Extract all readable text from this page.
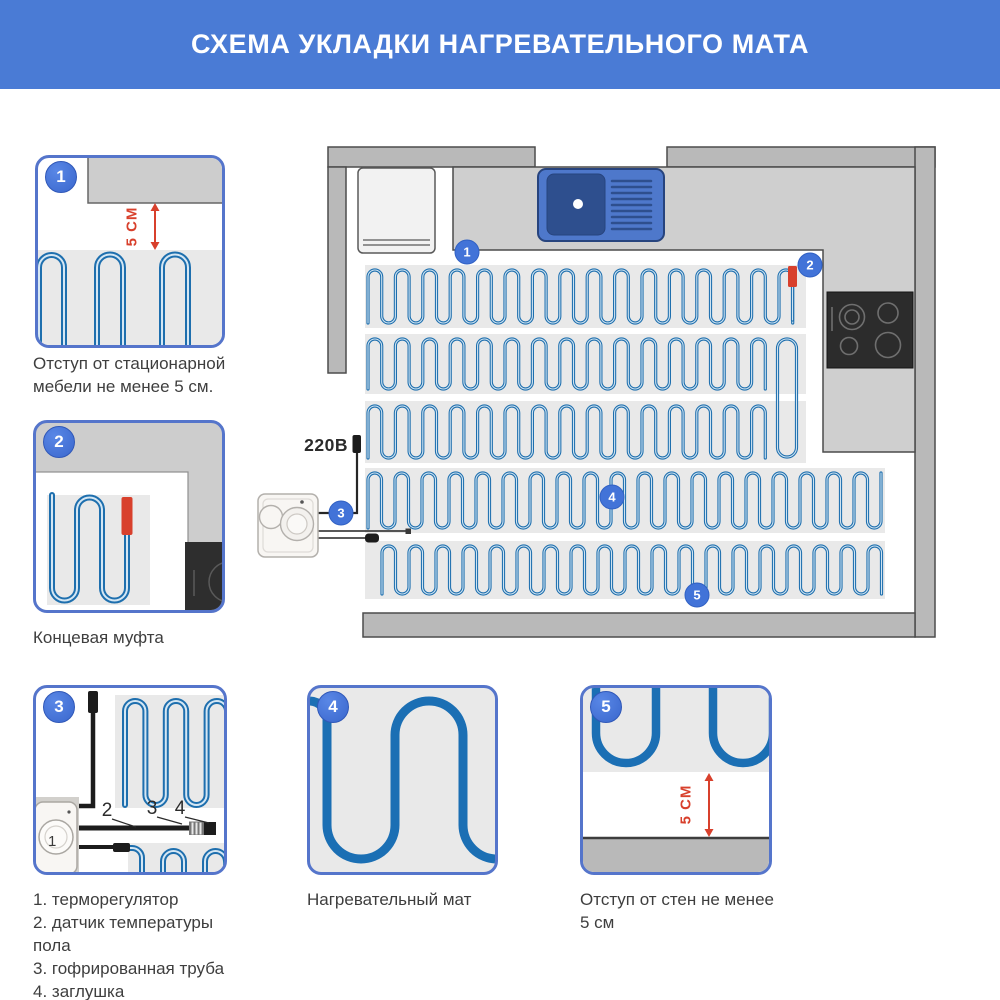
СХЕМА УКЛАДКИ НАГРЕВАТЕЛЬНОГО МАТА
220В
1
2
3
4
5
1
5 СМ
Отступ от стационарной мебели не менее 5 см.
2
Концевая муфта
1
2 3 4
3
1. терморегулятор
2. датчик температуры пола
3. гофрированная труба
4. заглушка
4
Нагревательный мат
5
5 СМ
Отступ от стен не менее 5 см
